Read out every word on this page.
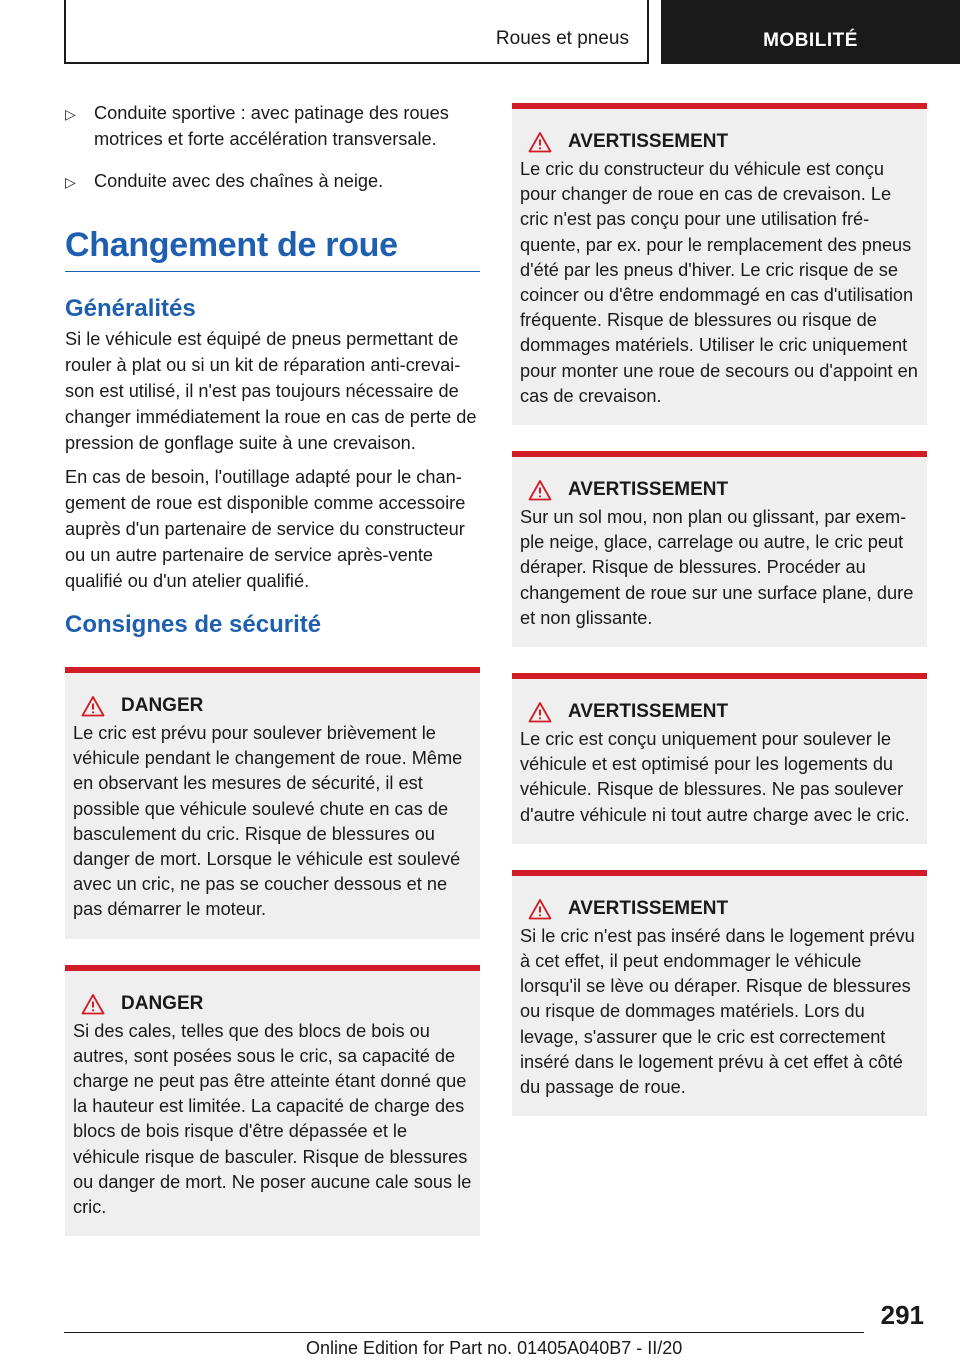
Roues et pneus	MOBILITÉ
▷	Conduite sportive : avec patinage des roues motrices et forte accélération transversale.
▷	Conduite avec des chaînes à neige.
Changement de roue
Généralités
Si le véhicule est équipé de pneus permettant de rouler à plat ou si un kit de réparation anti-crevaison est utilisé, il n'est pas toujours nécessaire de changer immédiatement la roue en cas de perte de pression de gonflage suite à une crevaison.
En cas de besoin, l'outillage adapté pour le changement de roue est disponible comme accessoire auprès d'un partenaire de service du constructeur ou un autre partenaire de service après-vente qualifié ou d'un atelier qualifié.
Consignes de sécurité
DANGER
Le cric est prévu pour soulever brièvement le véhicule pendant le changement de roue. Même en observant les mesures de sécurité, il est possible que véhicule soulevé chute en cas de basculement du cric. Risque de blessures ou danger de mort. Lorsque le véhicule est soulevé avec un cric, ne pas se coucher dessous et ne pas démarrer le moteur.
DANGER
Si des cales, telles que des blocs de bois ou autres, sont posées sous le cric, sa capacité de charge ne peut pas être atteinte étant donné que la hauteur est limitée. La capacité de charge des blocs de bois risque d'être dépassée et le véhicule risque de basculer. Risque de blessures ou danger de mort. Ne poser aucune cale sous le cric.
AVERTISSEMENT
Le cric du constructeur du véhicule est conçu pour changer de roue en cas de crevaison. Le cric n'est pas conçu pour une utilisation fréquente, par ex. pour le remplacement des pneus d'été par les pneus d'hiver. Le cric risque de se coincer ou d'être endommagé en cas d'utilisation fréquente. Risque de blessures ou risque de dommages matériels. Utiliser le cric uniquement pour monter une roue de secours ou d'appoint en cas de crevaison.
AVERTISSEMENT
Sur un sol mou, non plan ou glissant, par exemple neige, glace, carrelage ou autre, le cric peut déraper. Risque de blessures. Procéder au changement de roue sur une surface plane, dure et non glissante.
AVERTISSEMENT
Le cric est conçu uniquement pour soulever le véhicule et est optimisé pour les logements du véhicule. Risque de blessures. Ne pas soulever d'autre véhicule ni tout autre charge avec le cric.
AVERTISSEMENT
Si le cric n'est pas inséré dans le logement prévu à cet effet, il peut endommager le véhicule lorsqu'il se lève ou déraper. Risque de blessures ou risque de dommages matériels. Lors du levage, s'assurer que le cric est correctement inséré dans le logement prévu à cet effet à côté du passage de roue.
291
Online Edition for Part no. 01405A040B7 - II/20
